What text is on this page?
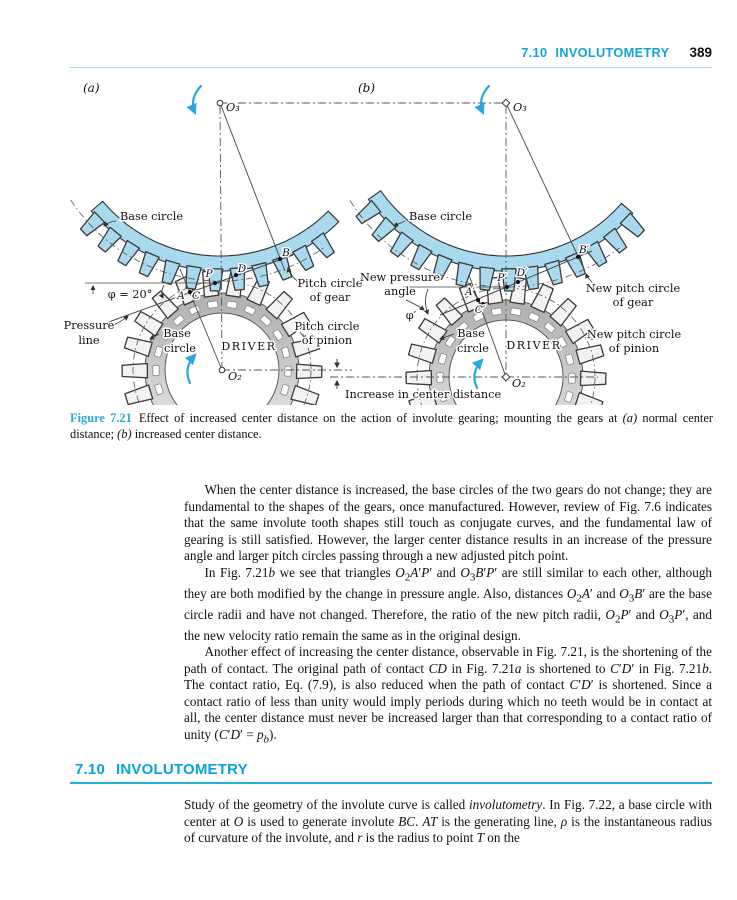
7.10 INVOLUTOMETRY 389
(a)
O₃
O₂
Base circle
Pitch circle
of gear
φ = 20°
Pressure
line
Base
circle DRIVER
Pitch circle
of pinion
A C
P D
B
(b)
O₃
O₂
Base circle
New pressure
angle
φ′
Base
circle DRIVER
New pitch circle
of gear
New pitch circle
of pinion
A′
C′
P′ D′
B′
Increase in center distance
Figure 7.21 Effect of increased center distance on the action of involute gearing; mounting the gears at (a) normal center distance; (b) increased center distance.

When the center distance is increased, the base circles of the two gears do not change; they are fundamental to the shapes of the gears, once manufactured. However, review of Fig. 7.6 indicates that the same involute tooth shapes still touch as conjugate curves, and the fundamental law of gearing is still satisfied. However, the larger center distance results in an increase of the pressure angle and larger pitch circles passing through a new adjusted pitch point.

In Fig. 7.21b we see that triangles $O_2A'P'$ and $O_3B'P'$ are still similar to each other, although they are both modified by the change in pressure angle. Also, distances $O_2A'$ and $O_3B'$ are the base circle radii and have not changed. Therefore, the ratio of the new pitch radii, $O_2P'$ and $O_3P'$, and the new velocity ratio remain the same as in the original design.

Another effect of increasing the center distance, observable in Fig. 7.21, is the shortening of the path of contact. The original path of contact CD in Fig. 7.21a is shortened to C′D′ in Fig. 7.21b. The contact ratio, Eq. (7.9), is also reduced when the path of contact C′D′ is shortened. Since a contact ratio of less than unity would imply periods during which no teeth would be in contact at all, the center distance must never be increased larger than that corresponding to a contact ratio of unity $(C'D' = p_b)$.

7.10 INVOLUTOMETRY

Study of the geometry of the involute curve is called involutometry. In Fig. 7.22, a base circle with center at O is used to generate involute BC. AT is the generating line, ρ is the instantaneous radius of curvature of the involute, and r is the radius to point T on the
